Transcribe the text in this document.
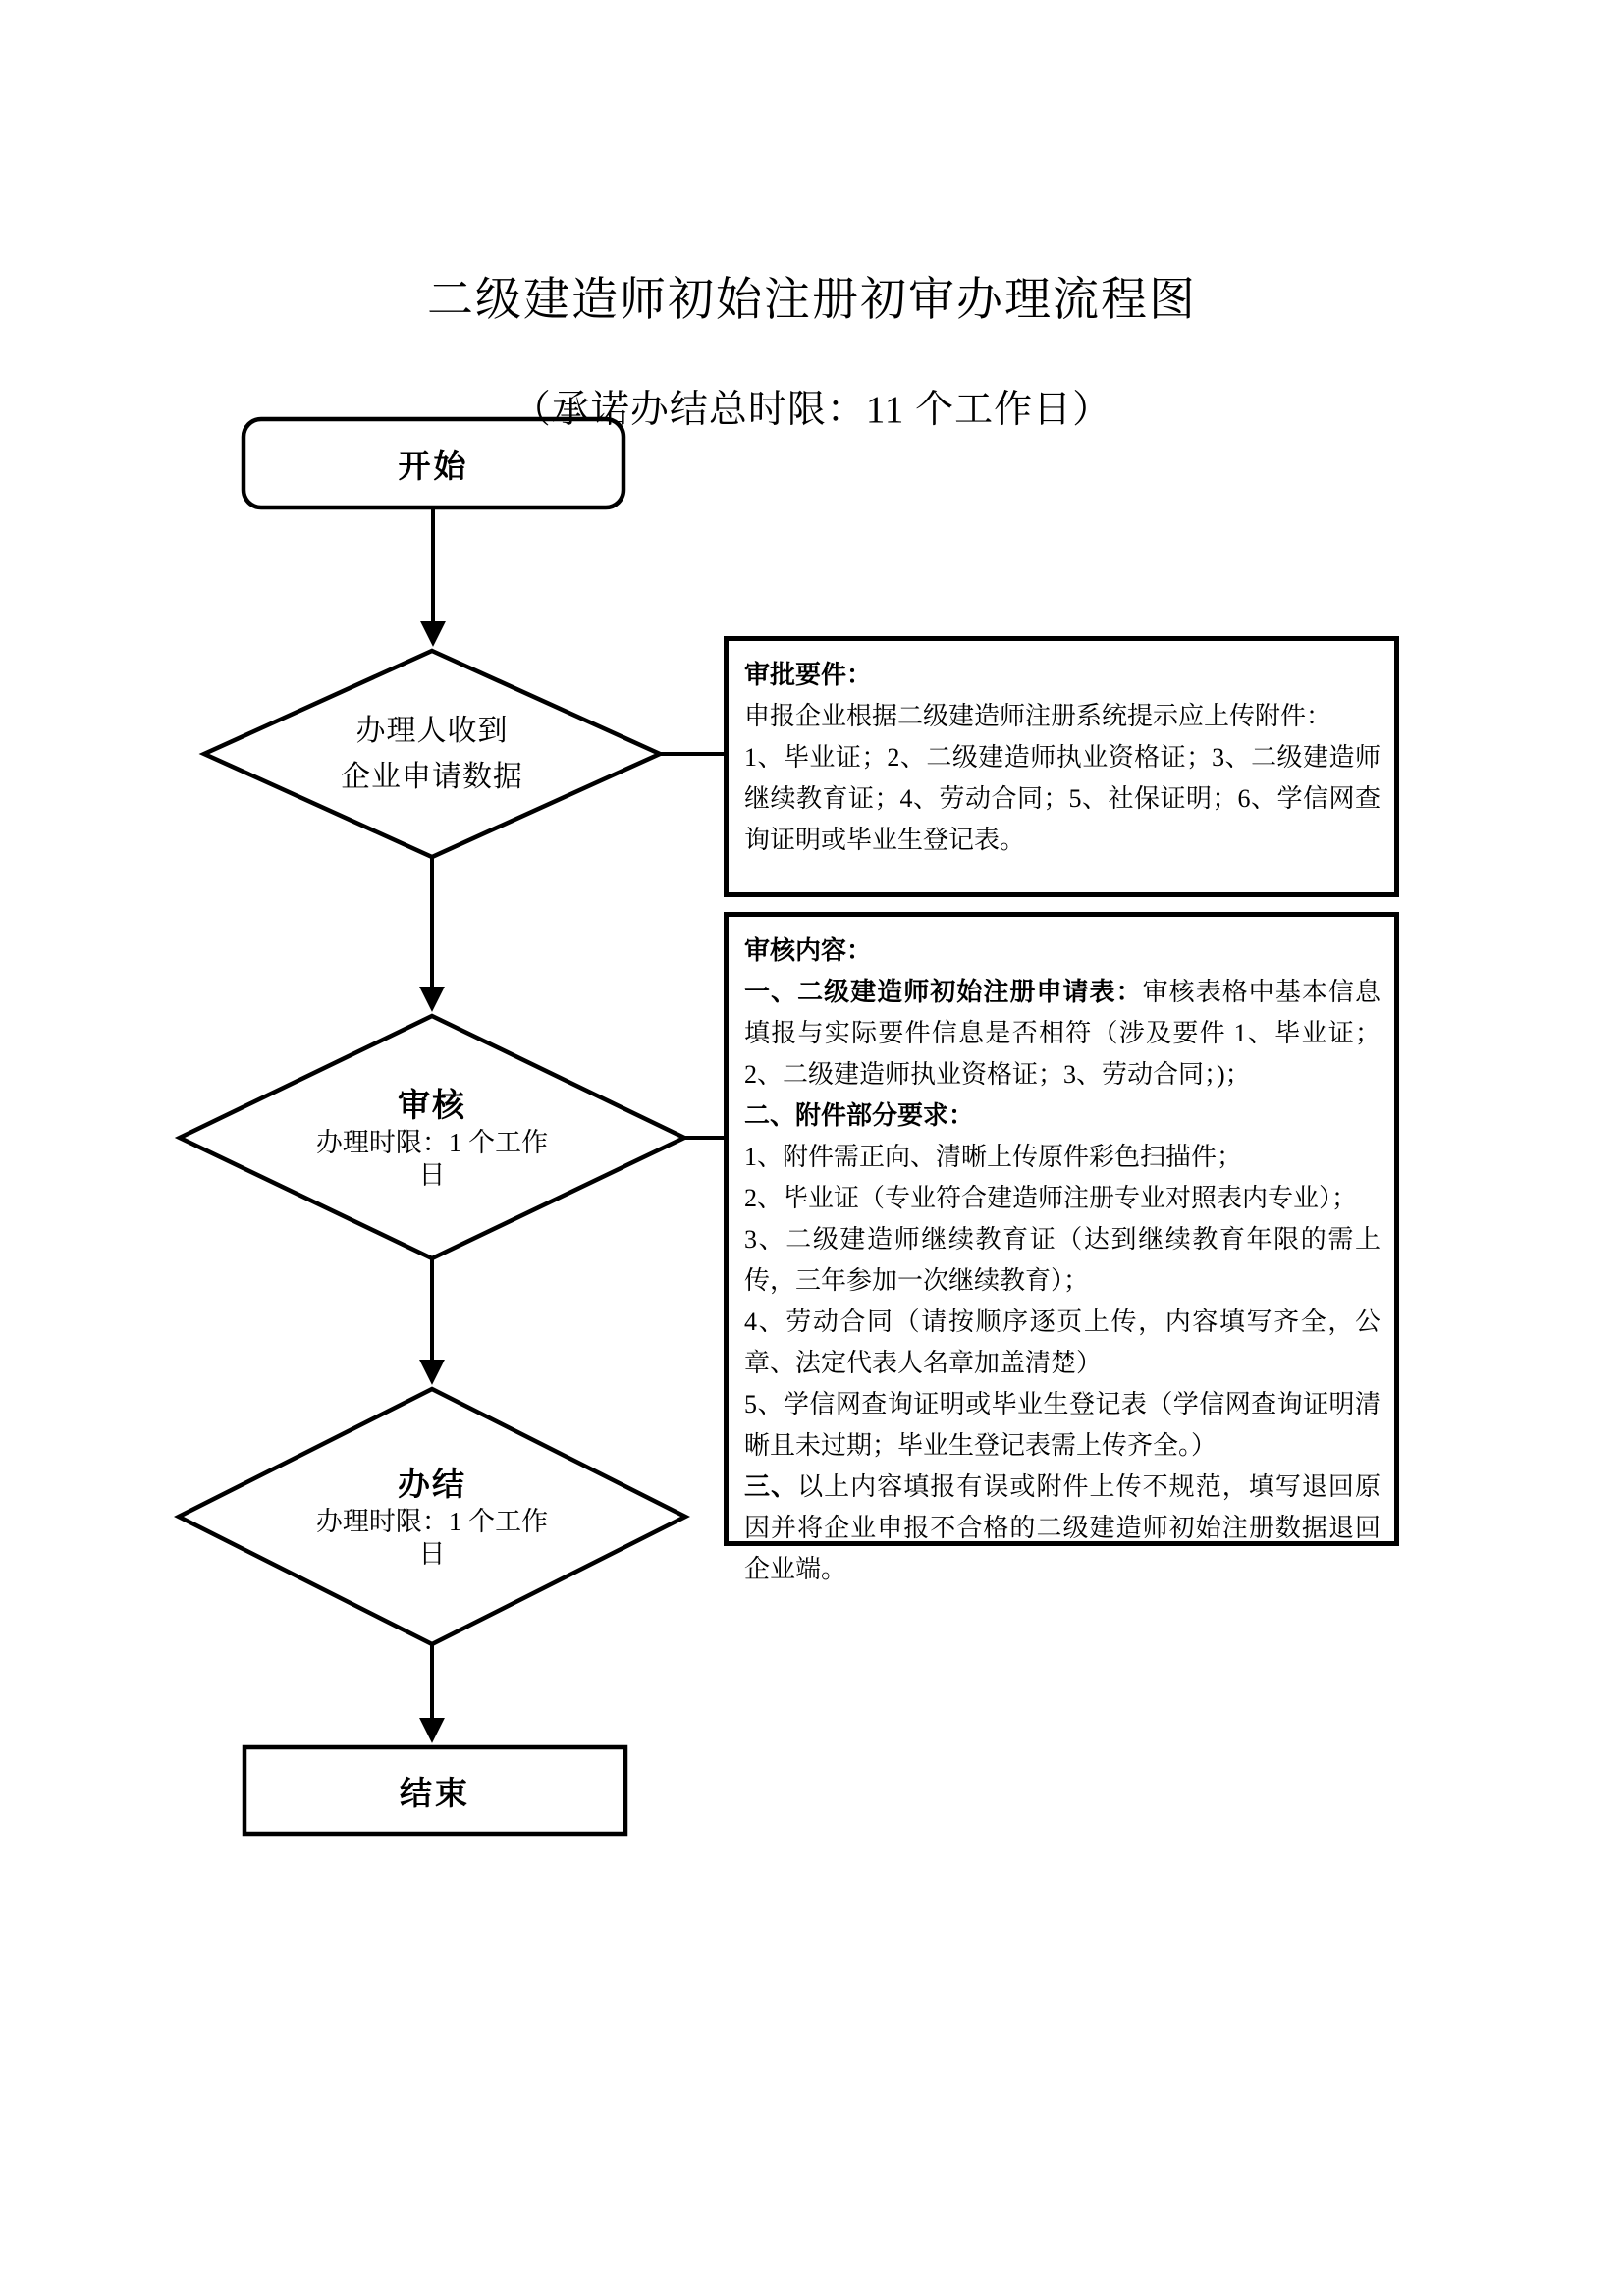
二级建造师初始注册初审办理流程图
（承诺办结总时限：11 个工作日）
开始
办理人收到
企业申请数据
审核
办理时限：1 个工作
日
办结
办理时限：1 个工作
日
结束

审批要件：

申报企业根据二级建造师注册系统提示应上传附件：

1、毕业证；2、二级建造师执业资格证；3、二级建造师继续教育证；4、劳动合同；5、社保证明；6、学信网查询证明或毕业生登记表。

审核内容：

一、二级建造师初始注册申请表：审核表格中基本信息填报与实际要件信息是否相符（涉及要件 1、毕业证；2、二级建造师执业资格证；3、劳动合同；)；

二、附件部分要求：

1、附件需正向、清晰上传原件彩色扫描件；

2、毕业证（专业符合建造师注册专业对照表内专业）；

3、二级建造师继续教育证（达到继续教育年限的需上传，三年参加一次继续教育）；

4、劳动合同（请按顺序逐页上传，内容填写齐全，公章、法定代表人名章加盖清楚）

5、学信网查询证明或毕业生登记表（学信网查询证明清晰且未过期；毕业生登记表需上传齐全。）

三、以上内容填报有误或附件上传不规范，填写退回原因并将企业申报不合格的二级建造师初始注册数据退回企业端。
